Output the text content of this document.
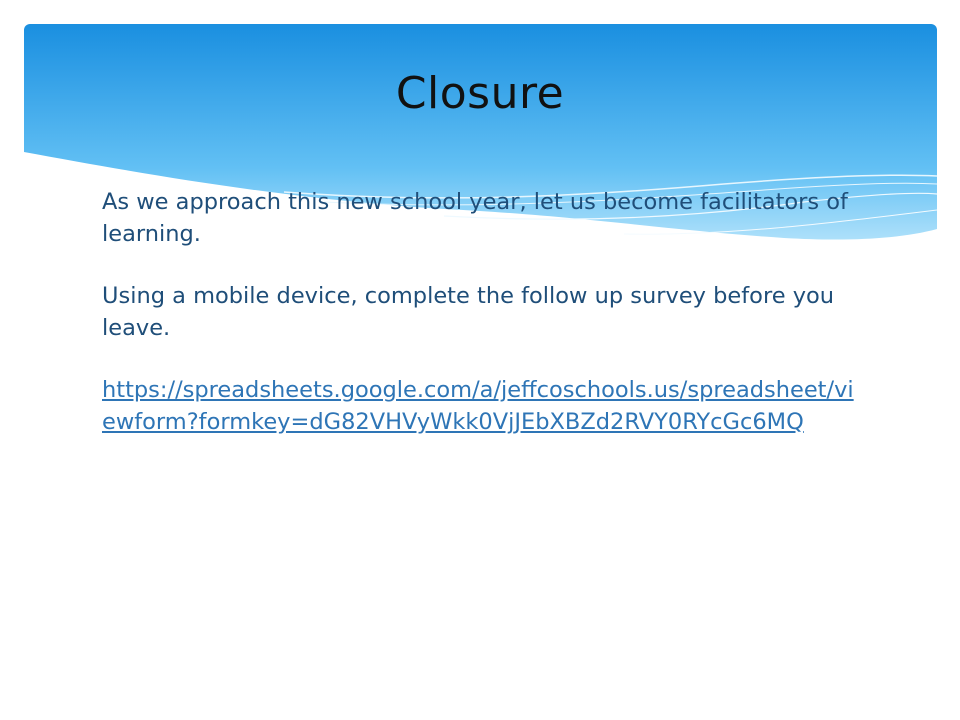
Closure

As we approach this new school year, let us become facilitators of learning.

Using a mobile device, complete the follow up survey before you leave.

https://spreadsheets.google.com/a/jeffcoschools.us/spreadsheet/viewform?formkey=dG82VHVyWkk0VjJEbXBZd2RVY0RYcGc6MQ
